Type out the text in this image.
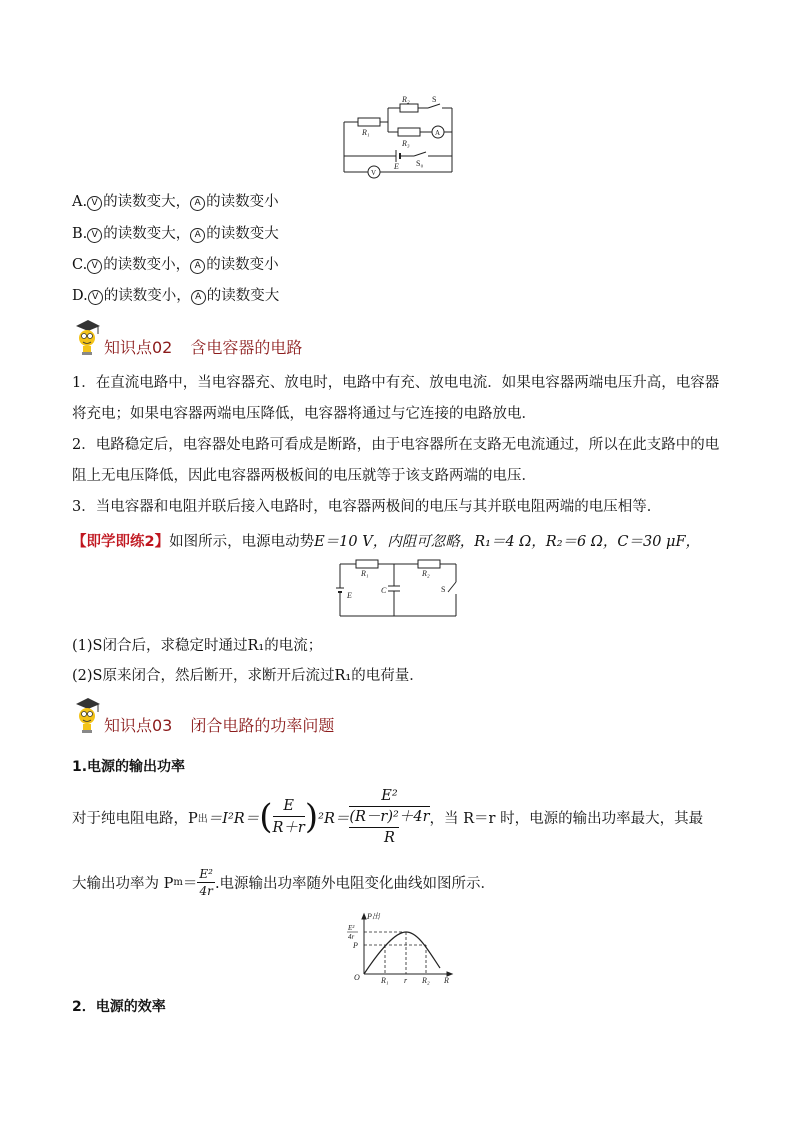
R₂	S
R₁
R₃
A
V
E S₀
A. V 的读数变大， A 的读数变小
B. V 的读数变大， A 的读数变大
C. V 的读数变小， A 的读数变小
D. V 的读数变小， A 的读数变大
知识点02 含电容器的电路
1．在直流电路中，当电容器充、放电时，电路中有充、放电电流．如果电容器两端电压升高，电容器将充电；如果电容器两端电压降低，电容器将通过与它连接的电路放电．
2．电路稳定后，电容器处电路可看成是断路，由于电容器所在支路无电流通过，所以在此支路中的电阻上无电压降低，因此电容器两极板间的电压就等于该支路两端的电压．
3．当电容器和电阻并联后接入电路时，电容器两极间的电压与其并联电阻两端的电压相等．
【即学即练2】如图所示，电源电动势E＝10 V，内阻可忽略，R₁＝4 Ω，R₂＝6 Ω，C＝30 μF，
R₁	R₂
C
E
S
(1)S闭合后，求稳定时通过R₁的电流；
(2)S原来闭合，然后断开，求断开后流过R₁的电荷量．
知识点03 闭合电路的功率问题
1.电源的输出功率
对于纯电阻电路，P 出 ＝I²R＝ ( $\frac{E}{R+r}$ ) ²R＝
E²
(R－r)²＋4r
R
，当 R＝r 时，电源的输出功率最大，其最
大输出功率为 P $m = \frac{\text{E²}}{4r}$ .电源输出功率随外电阻变化曲线如图所示．
P出
E²
4r
P
O	R₁ r R₂ R
2．电源的效率
